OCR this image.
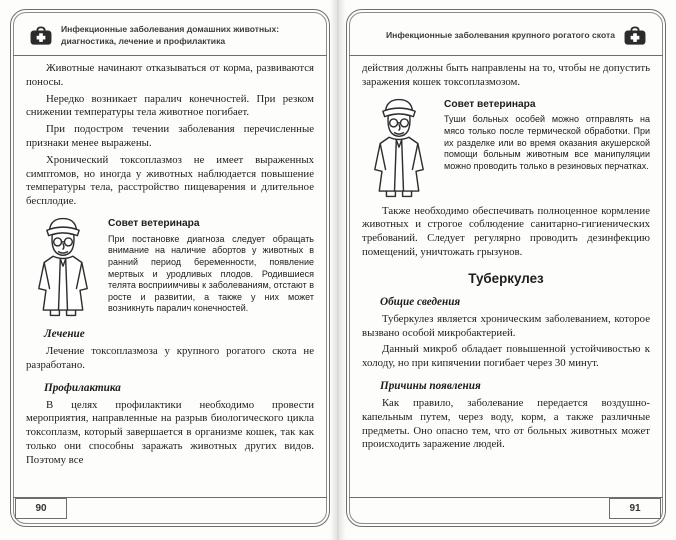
Инфекционные заболевания домашних животных:
диагностика, лечение и профилактика

Животные начинают отказываться от корма, развиваются поносы.

Нередко возникает паралич конечностей. При резком снижении температуры тела животное погибает.

При подостром течении заболевания перечисленные признаки менее выражены.

Хронический токсоплазмоз не имеет выраженных симптомов, но иногда у животных наблюдается повышение температуры тела, расстройство пищеварения и длительное бесплодие.

Совет ветеринара
При постановке диагноза следует обращать внимание на наличие абортов у животных в ранний период беременности, появление мертвых и уродливых плодов. Родившиеся телята восприимчивы к заболеваниям, отстают в росте и развитии, а также у них может возникнуть паралич конечностей.
Лечение

Лечение токсоплазмоза у крупного рогатого скота не разработано.

Профилактика

В целях профилактики необходимо провести мероприятия, направленные на разрыв биологического цикла токсоплазм, который завершается в организме кошек, так как только они способны заражать животных других видов. Поэтому все

90
Инфекционные заболевания крупного рогатого скота

действия должны быть направлены на то, чтобы не допустить заражения кошек токсоплазмозом.

Совет ветеринара
Туши больных особей можно отправлять на мясо только после термической обработки. При их разделке или во время оказания акушерской помощи больным животным все манипуляции можно проводить только в резиновых перчатках.

Также необходимо обеспечивать полноценное кормление животных и строгое соблюдение санитарно-гигиенических требований. Следует регулярно проводить дезинфекцию помещений, уничтожать грызунов.

Туберкулез
Общие сведения

Туберкулез является хроническим заболеванием, которое вызвано особой микробактерией.

Данный микроб обладает повышенной устойчивостью к холоду, но при кипячении погибает через 30 минут.

Причины появления

Как правило, заболевание передается воздушно-капельным путем, через воду, корм, а также различные предметы. Оно опасно тем, что от больных животных может происходить заражение людей.

91
